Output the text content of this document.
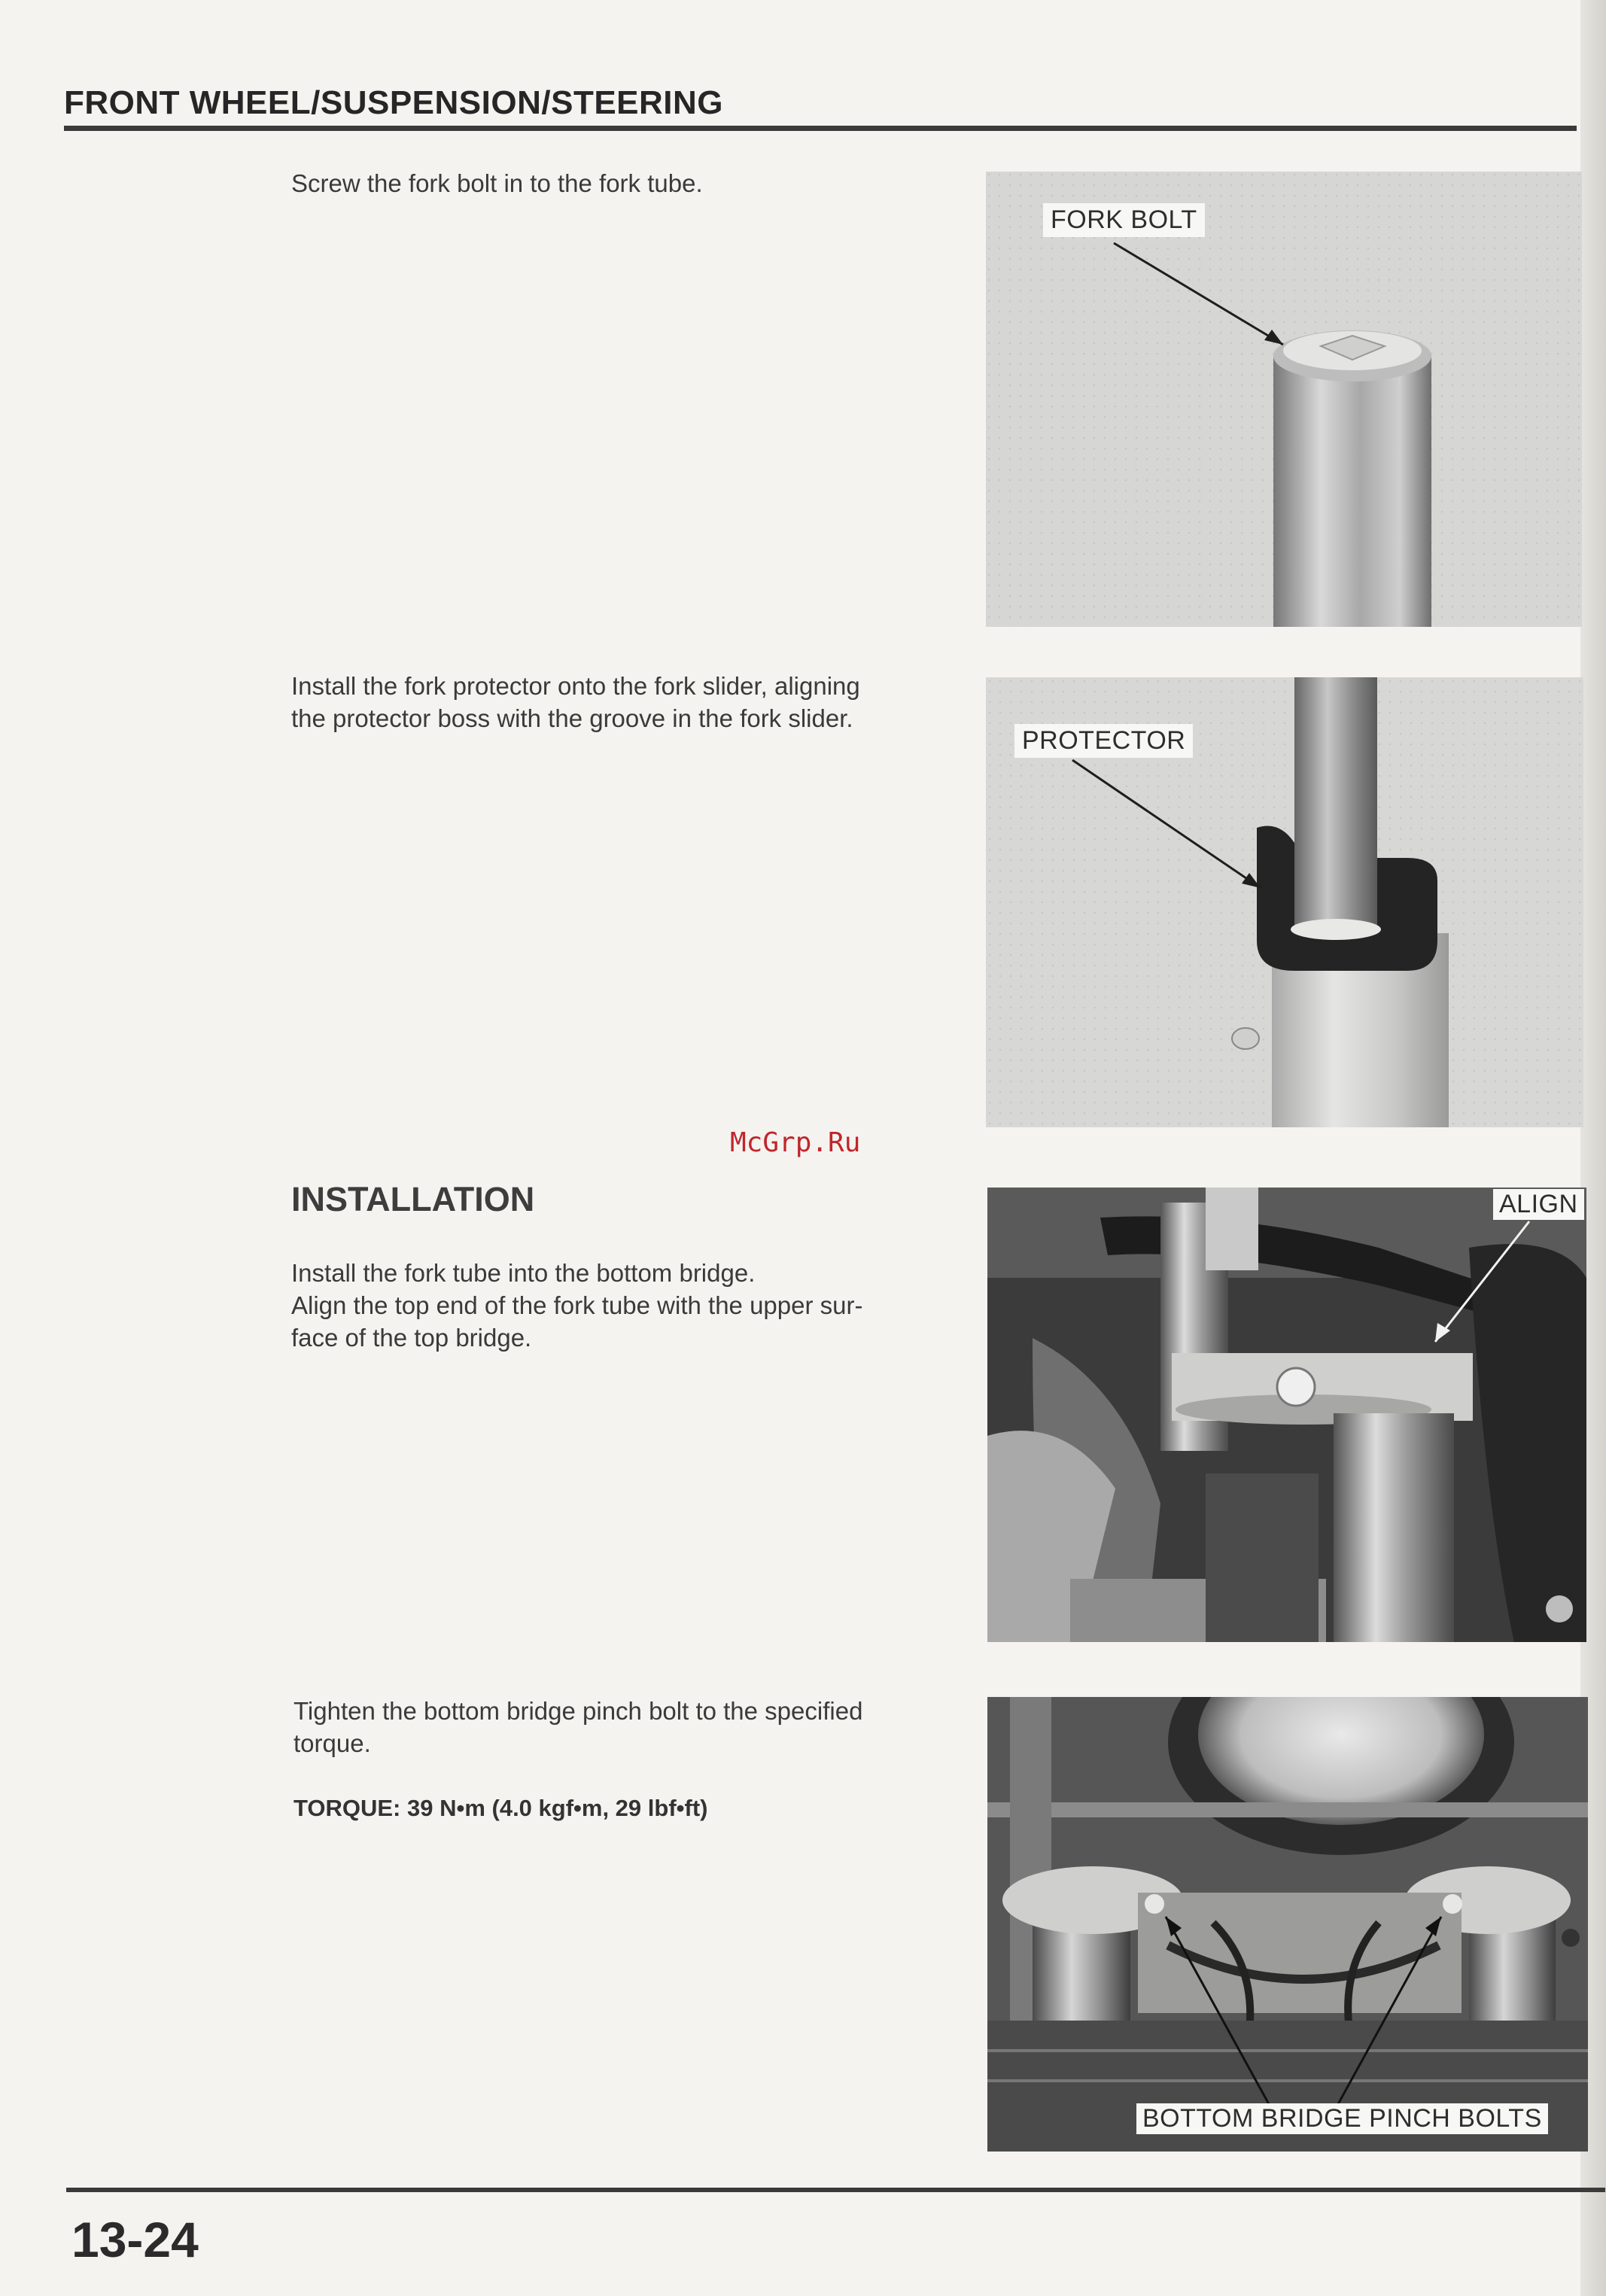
FRONT WHEEL/SUSPENSION/STEERING
Screw the fork bolt in to the fork tube.
FORK BOLT
Install the fork protector onto the fork slider, aligning
the protector boss with the groove in the fork slider.
PROTECTOR
McGrp.Ru
INSTALLATION
Install the fork tube into the bottom bridge.
Align the top end of the fork tube with the upper sur-
face of the top bridge.
ALIGN
Tighten the bottom bridge pinch bolt to the specified
torque.
TORQUE: 39 N•m (4.0 kgf•m, 29 lbf•ft)
BOTTOM BRIDGE PINCH BOLTS
13-24
